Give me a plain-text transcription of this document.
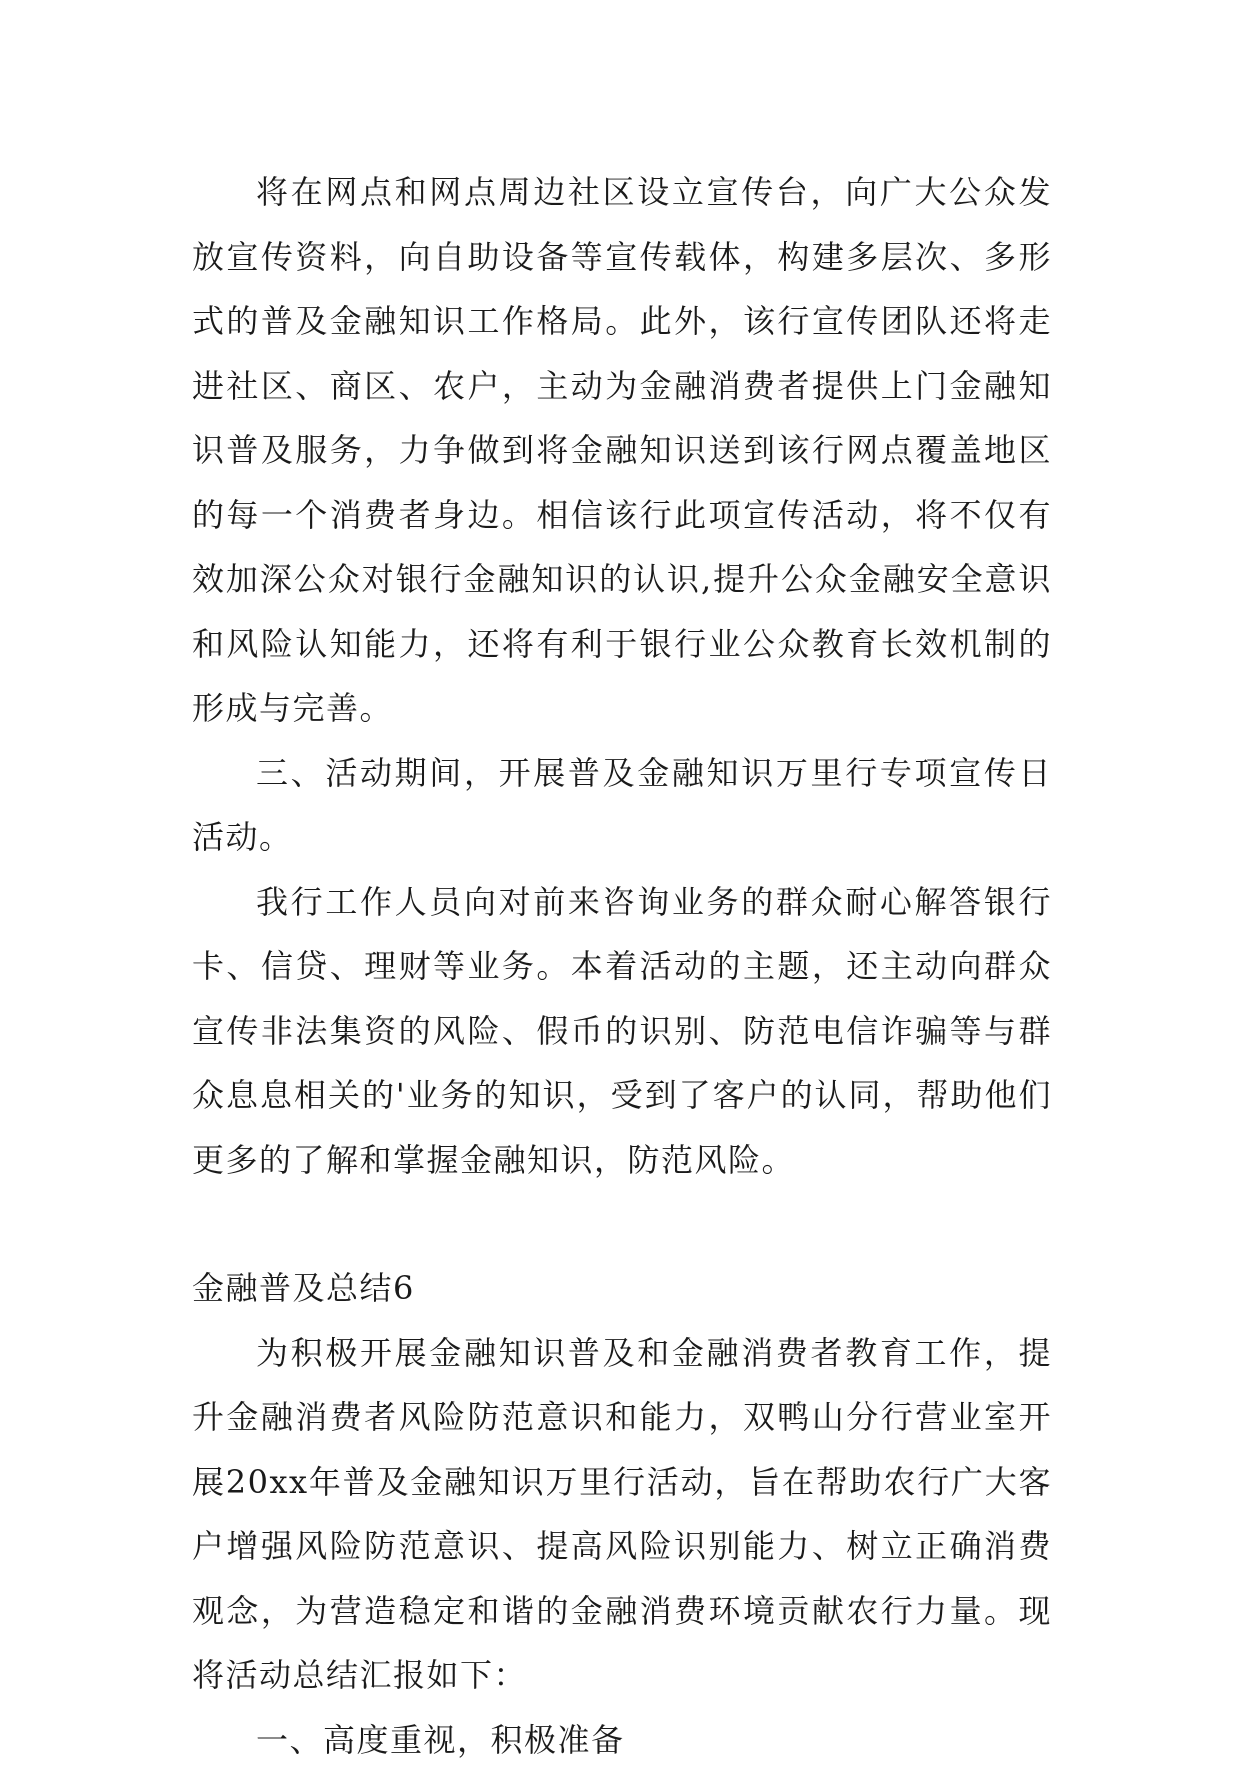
将在网点和网点周边社区设立宣传台，向广大公众发放宣传资料，向自助设备等宣传载体，构建多层次、多形式的普及金融知识工作格局。此外，该行宣传团队还将走进社区、商区、农户，主动为金融消费者提供上门金融知识普及服务，力争做到将金融知识送到该行网点覆盖地区的每一个消费者身边。相信该行此项宣传活动，将不仅有效加深公众对银行金融知识的认识,提升公众金融安全意识和风险认知能力，还将有利于银行业公众教育长效机制的形成与完善。

三、活动期间，开展普及金融知识万里行专项宣传日活动。

我行工作人员向对前来咨询业务的群众耐心解答银行卡、信贷、理财等业务。本着活动的主题，还主动向群众宣传非法集资的风险、假币的识别、防范电信诈骗等与群众息息相关的'业务的知识，受到了客户的认同，帮助他们更多的了解和掌握金融知识，防范风险。

金融普及总结6

为积极开展金融知识普及和金融消费者教育工作，提升金融消费者风险防范意识和能力，双鸭山分行营业室开展20xx年普及金融知识万里行活动，旨在帮助农行广大客户增强风险防范意识、提高风险识别能力、树立正确消费观念，为营造稳定和谐的金融消费环境贡献农行力量。现将活动总结汇报如下：

一、高度重视，积极准备
